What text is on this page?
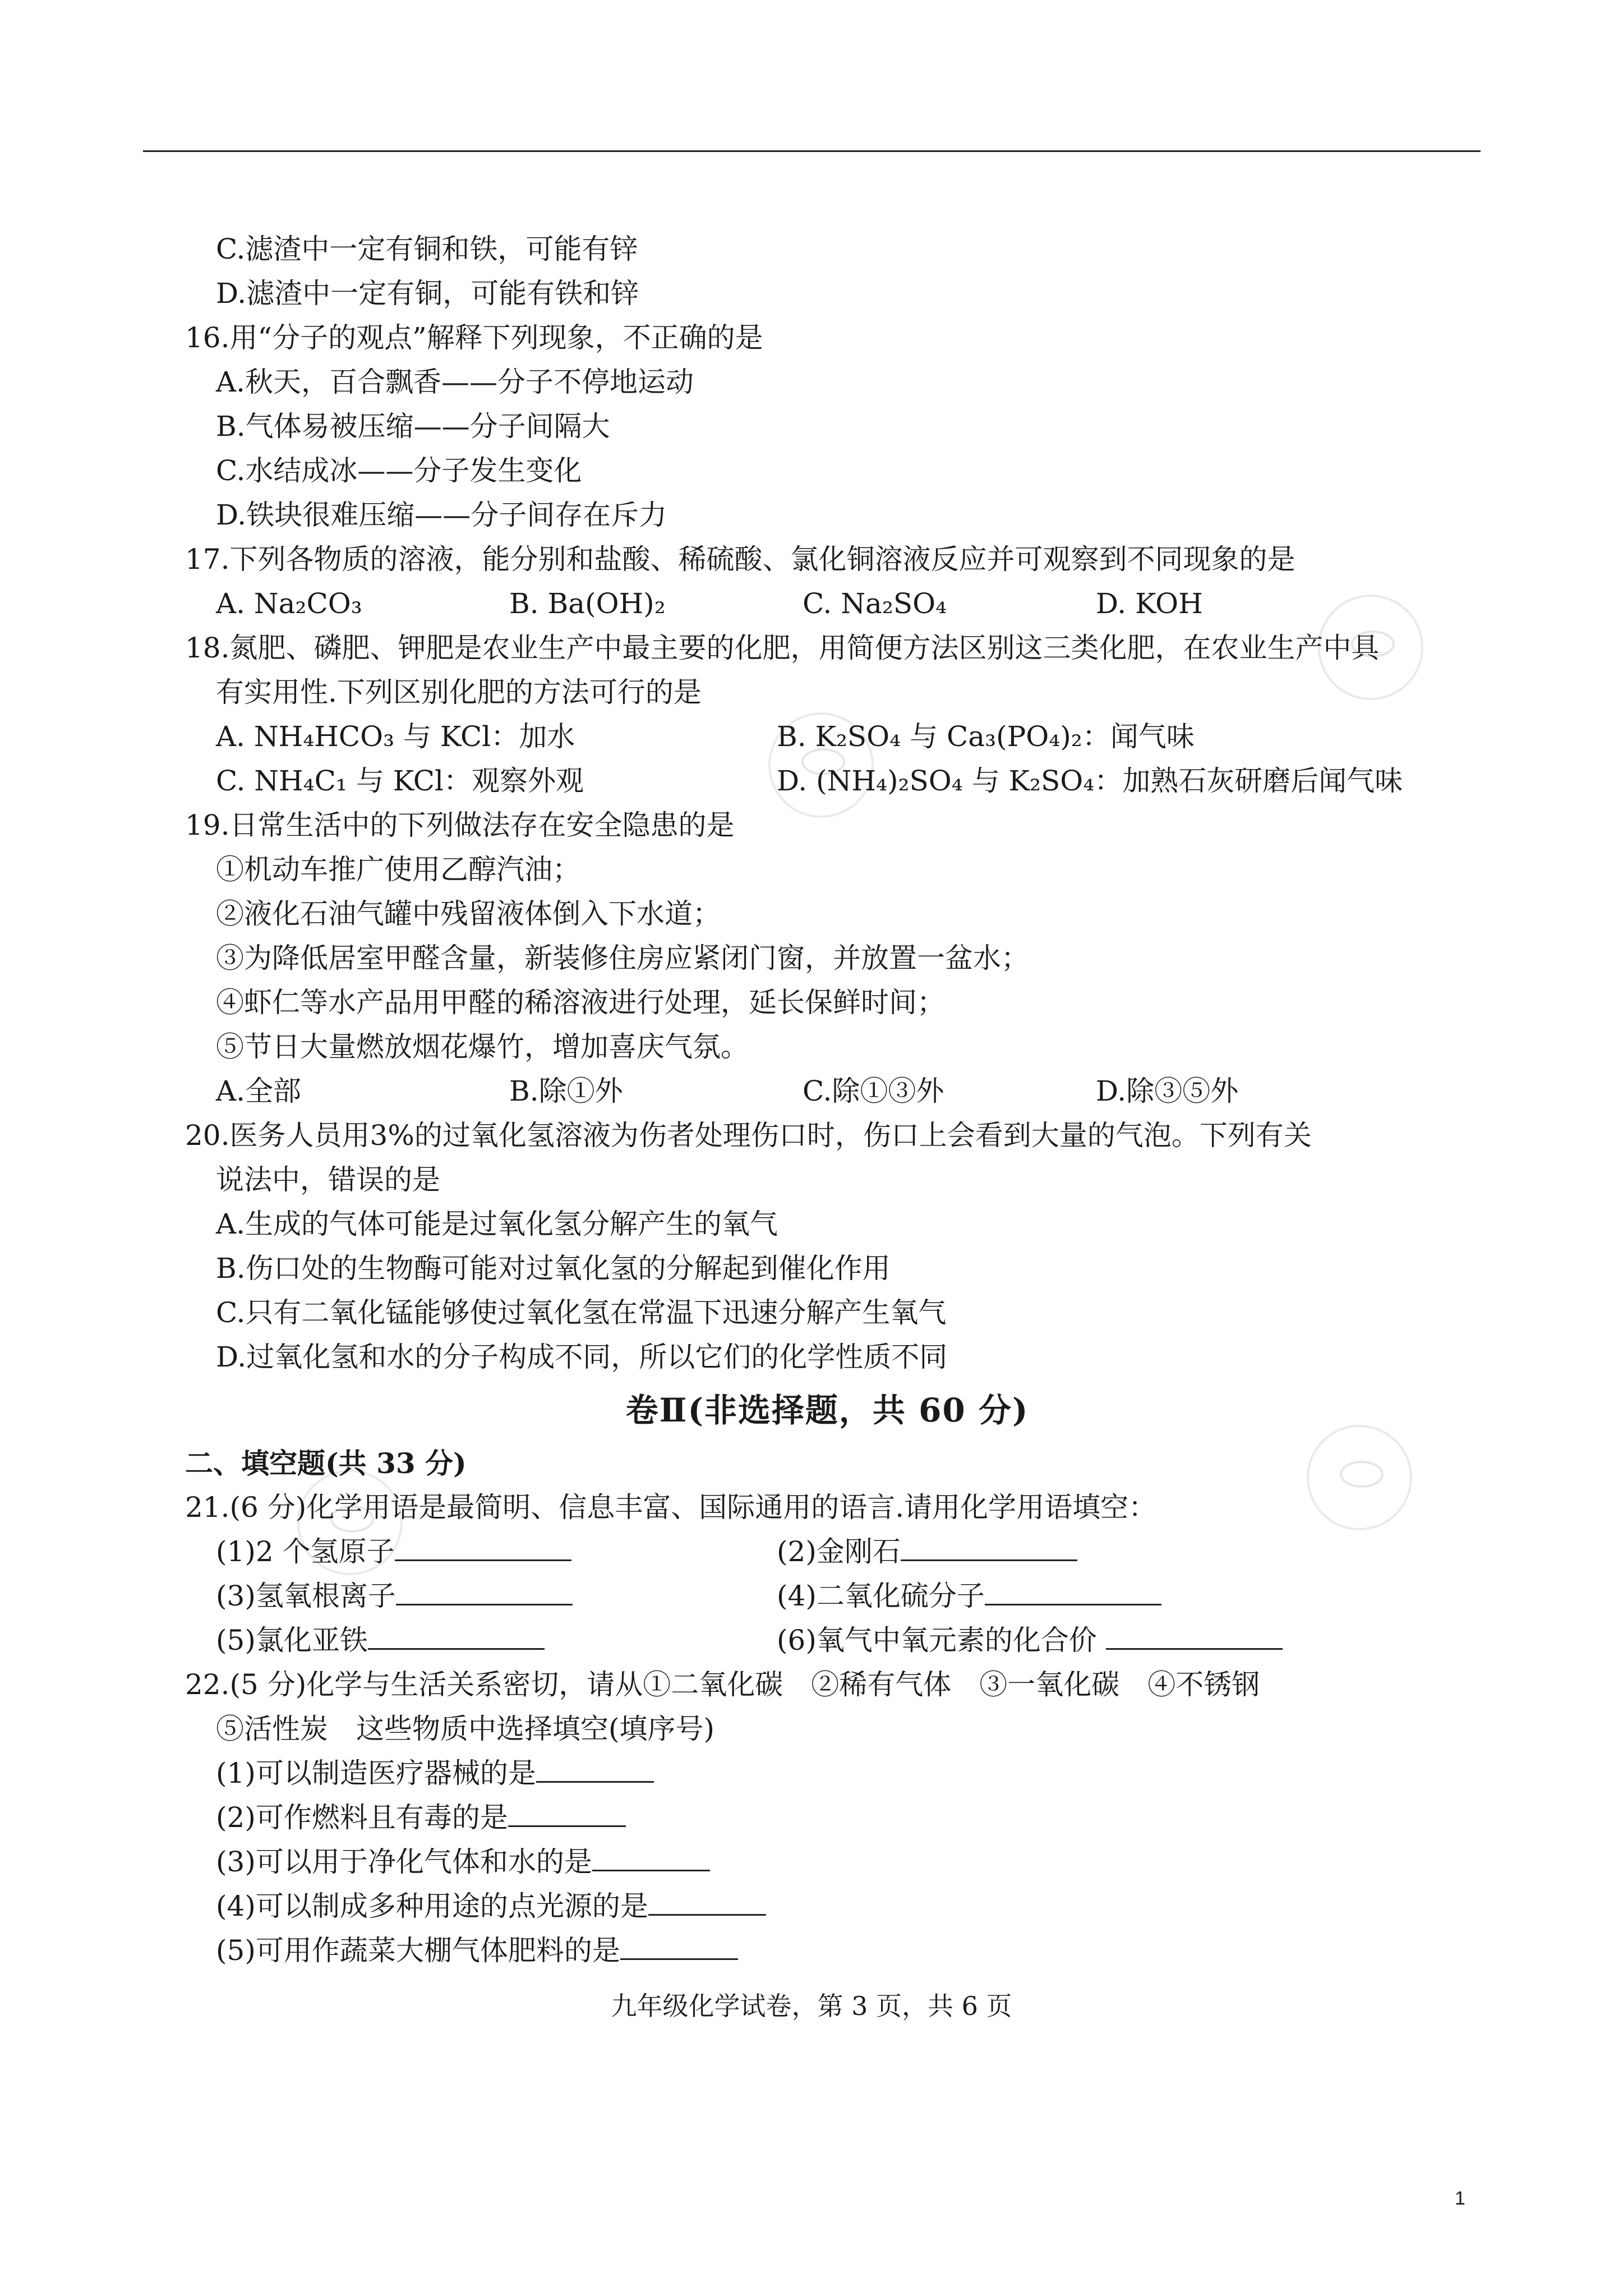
C.滤渣中一定有铜和铁，可能有锌
D.滤渣中一定有铜，可能有铁和锌
16.用“分子的观点”解释下列现象，不正确的是
A.秋天，百合飘香——分子不停地运动
B.气体易被压缩——分子间隔大
C.水结成冰——分子发生变化
D.铁块很难压缩——分子间存在斥力
17.下列各物质的溶液，能分别和盐酸、稀硫酸、氯化铜溶液反应并可观察到不同现象的是
A. Na₂CO₃	B. Ba(OH)₂	C. Na₂SO₄	D. KOH
18.氮肥、磷肥、钾肥是农业生产中最主要的化肥，用简便方法区别这三类化肥，在农业生产中具
有实用性.下列区别化肥的方法可行的是
A. NH₄HCO₃ 与 KCl：加水	B. K₂SO₄ 与 Ca₃(PO₄)₂：闻气味
C. NH₄C₁ 与 KCl：观察外观	D. (NH₄)₂SO₄ 与 K₂SO₄：加熟石灰研磨后闻气味
19.日常生活中的下列做法存在安全隐患的是
①机动车推广使用乙醇汽油；
②液化石油气罐中残留液体倒入下水道；
③为降低居室甲醛含量，新装修住房应紧闭门窗，并放置一盆水；
④虾仁等水产品用甲醛的稀溶液进行处理，延长保鲜时间；
⑤节日大量燃放烟花爆竹，增加喜庆气氛。
A.全部	B.除①外	C.除①③外	D.除③⑤外
20.医务人员用3%的过氧化氢溶液为伤者处理伤口时，伤口上会看到大量的气泡。下列有关
说法中，错误的是
A.生成的气体可能是过氧化氢分解产生的氧气
B.伤口处的生物酶可能对过氧化氢的分解起到催化作用
C.只有二氧化锰能够使过氧化氢在常温下迅速分解产生氧气
D.过氧化氢和水的分子构成不同，所以它们的化学性质不同
卷Ⅱ(非选择题，共 60 分)
二、填空题(共 33 分)
21.(6 分)化学用语是最简明、信息丰富、国际通用的语言.请用化学用语填空：
(1)2 个氢原子	(2)金刚石
(3)氢氧根离子	(4)二氧化硫分子
(5)氯化亚铁	(6)氧气中氧元素的化合价
22.(5 分)化学与生活关系密切，请从①二氧化碳　②稀有气体　③一氧化碳　④不锈钢
⑤活性炭　这些物质中选择填空(填序号)
(1)可以制造医疗器械的是
(2)可作燃料且有毒的是
(3)可以用于净化气体和水的是
(4)可以制成多种用途的点光源的是
(5)可用作蔬菜大棚气体肥料的是
九年级化学试卷，第 3 页，共 6 页
1
